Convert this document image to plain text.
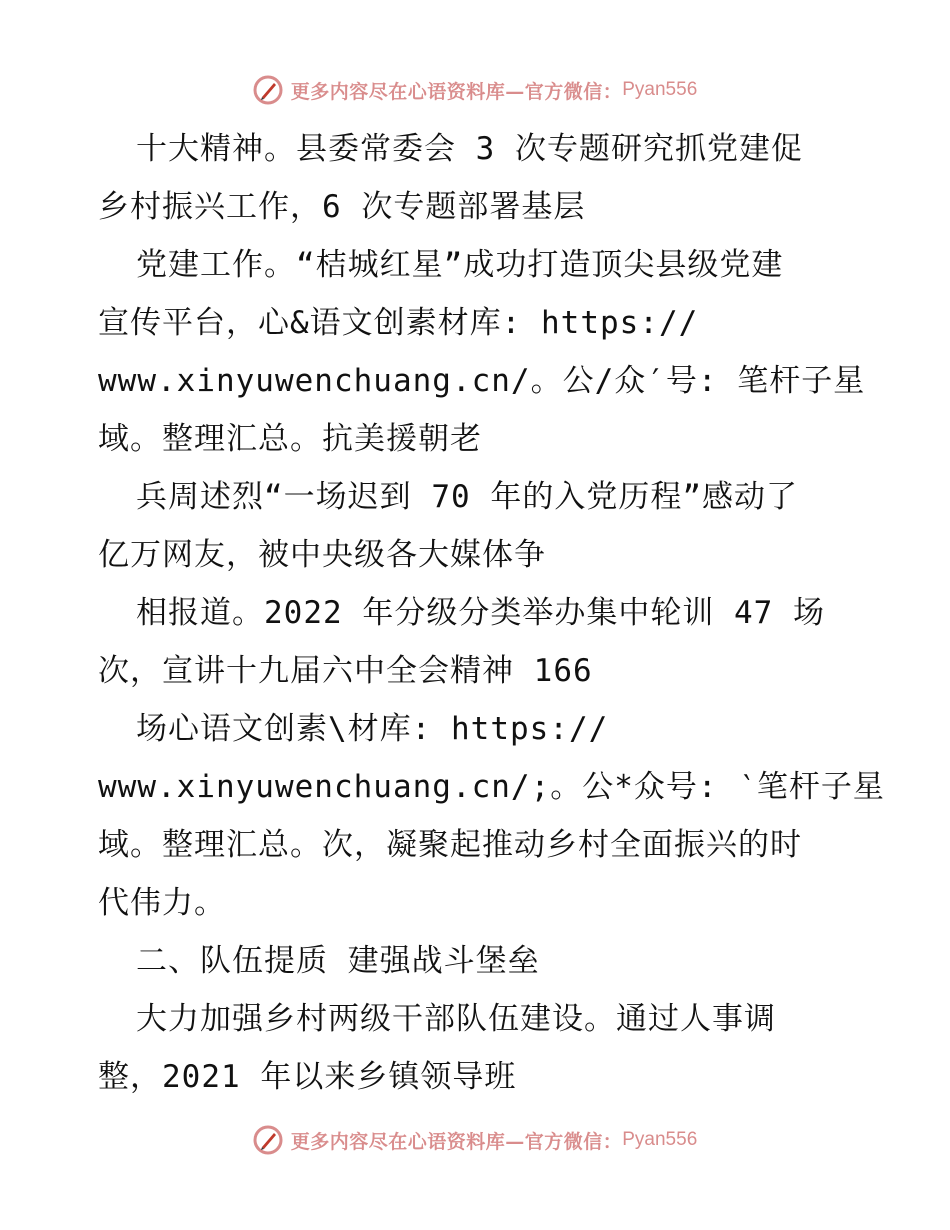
更多内容尽在心语资料库—官方微信： Pyan556
十大精神。县委常委会 3 次专题研究抓党建促
乡村振兴工作，6 次专题部署基层
党建工作。“桔城红星”成功打造顶尖县级党建
宣传平台，心&语文创素材库: https://
www.xinyuwenchuang.cn/。公/众′号: 笔杆子星
域。整理汇总。抗美援朝老
兵周述烈“一场迟到 70 年的入党历程”感动了
亿万网友，被中央级各大媒体争
相报道。2022 年分级分类举办集中轮训 47 场
次，宣讲十九届六中全会精神 166
场心语文创素\材库: https://
www.xinyuwenchuang.cn/;。公*众号: ‵笔杆子星
域。整理汇总。次，凝聚起推动乡村全面振兴的时
代伟力。
二、队伍提质 建强战斗堡垒
大力加强乡村两级干部队伍建设。通过人事调
整，2021 年以来乡镇领导班
更多内容尽在心语资料库—官方微信： Pyan556
